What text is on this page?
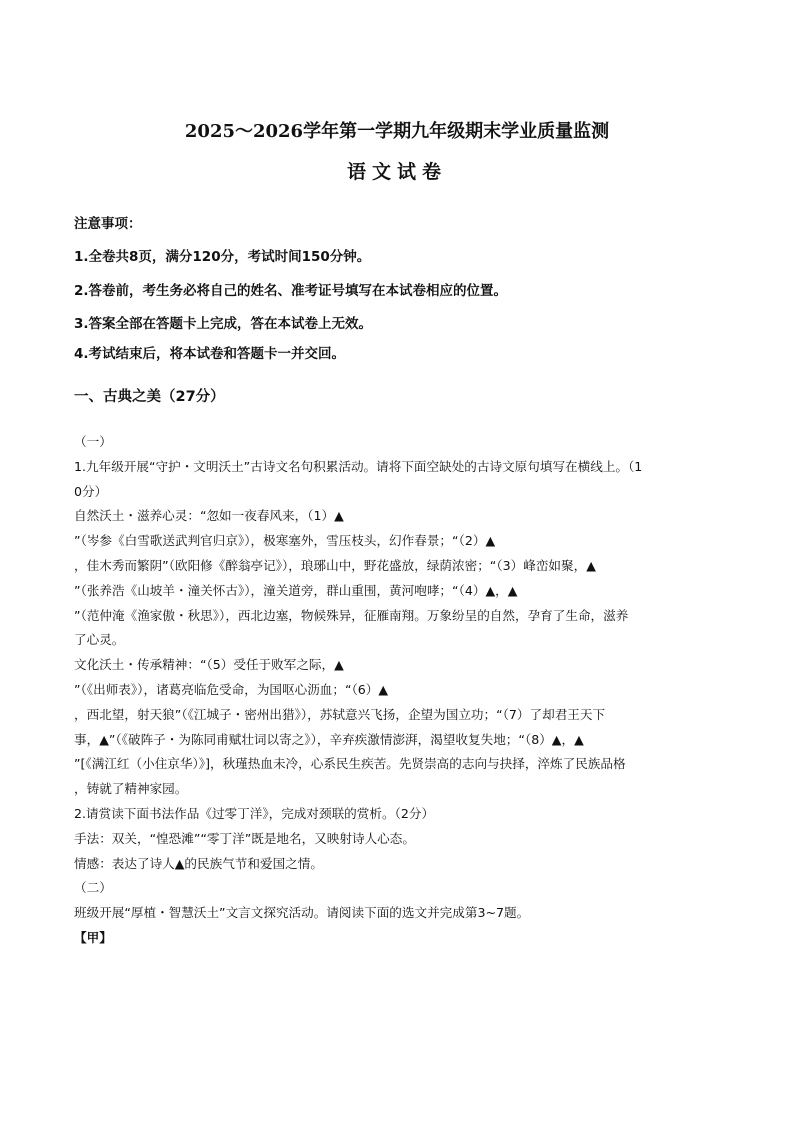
2025～2026学年第一学期九年级期末学业质量监测
语文试卷
注意事项：
1.全卷共8页，满分120分，考试时间150分钟。
2.答卷前，考生务必将自己的姓名、准考证号填写在本试卷相应的位置。
3.答案全部在答题卡上完成，答在本试卷上无效。
4.考试结束后，将本试卷和答题卡一并交回。
一、古典之美（27分）
（一）
1.九年级开展“守护・文明沃土”古诗文名句积累活动。请将下面空缺处的古诗文原句填写在横线上。（1
0分）
自然沃土・滋养心灵：“忽如一夜春风来，（1）▲
”（岑参《白雪歌送武判官归京》），极寒塞外，雪压枝头，幻作春景；“（2）▲
，佳木秀而繁阴”（欧阳修《醉翁亭记》），琅琊山中，野花盛放，绿荫浓密；“（3）峰峦如聚，▲
”（张养浩《山坡羊・潼关怀古》），潼关道旁，群山重围，黄河咆哮；“（4）▲，▲
”（范仲淹《渔家傲・秋思》），西北边塞，物候殊异，征雁南翔。万象纷呈的自然，孕育了生命，滋养
了心灵。
文化沃土・传承精神：“（5）受任于败军之际，▲
”（《出师表》），诸葛亮临危受命，为国呕心沥血；“（6）▲
，西北望，射天狼”（《江城子・密州出猎》），苏轼意兴飞扬，企望为国立功；“（7）了却君王天下
事，▲”（《破阵子・为陈同甫赋壮词以寄之》），辛弃疾激情澎湃，渴望收复失地；“（8）▲，▲
”[《满江红（小住京华）》]，秋瑾热血未冷，心系民生疾苦。先贤崇高的志向与抉择，淬炼了民族品格
，铸就了精神家园。
2.请赏读下面书法作品《过零丁洋》，完成对颈联的赏析。（2分）
手法：双关，“惶恐滩”“零丁洋”既是地名，又映射诗人心态。
情感：表达了诗人▲的民族气节和爱国之情。
（二）
班级开展“厚植・智慧沃土”文言文探究活动。请阅读下面的选文并完成第3~7题。
【甲】
